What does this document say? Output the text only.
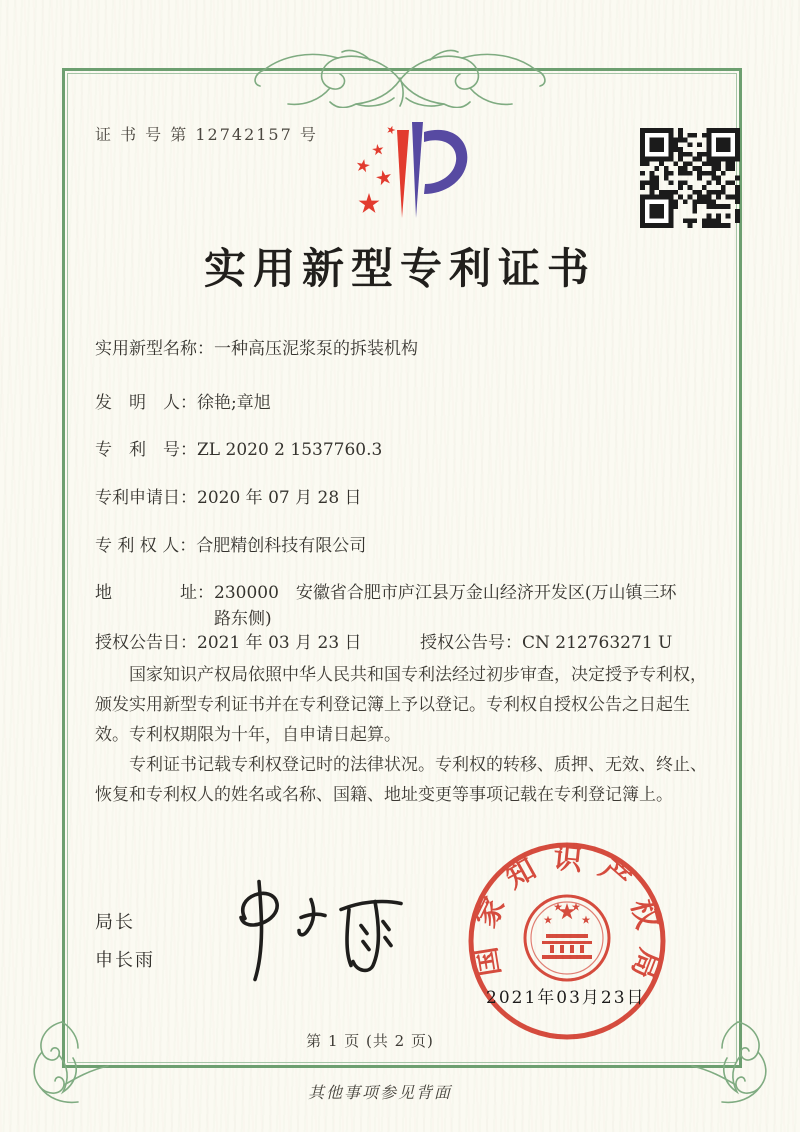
证 书 号 第 12742157 号
实用新型专利证书
实用新型名称： 一种高压泥浆泵的拆装机构
发　明　人： 徐艳;章旭
专　利　号： ZL 2020 2 1537760.3
专利申请日： 2020 年 07 月 28 日
专 利 权 人： 合肥精创科技有限公司
地　　　　址： 230000　安徽省合肥市庐江县万金山经济开发区(万山镇三环路东侧)
授权公告日： 2021 年 03 月 23 日	授权公告号： CN 212763271 U

国家知识产权局依照中华人民共和国专利法经过初步审查，决定授予专利权，颁发实用新型专利证书并在专利登记簿上予以登记。专利权自授权公告之日起生效。专利权期限为十年，自申请日起算。

专利证书记载专利权登记时的法律状况。专利权的转移、质押、无效、终止、恢复和专利权人的姓名或名称、国籍、地址变更等事项记载在专利登记簿上。

局长
申长雨	国家知识产权局
2021年03月23日
第 1 页 (共 2 页)
其他事项参见背面
